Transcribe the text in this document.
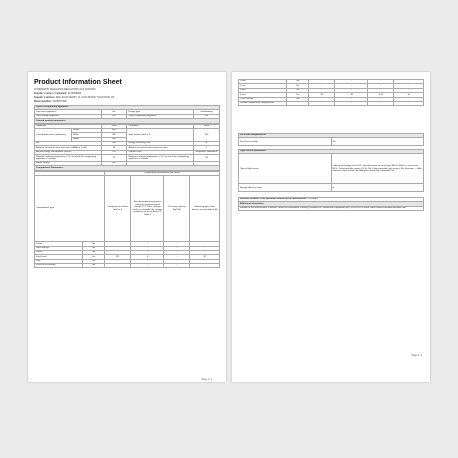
Product Information Sheet
COMMISSION DELEGATED REGULATION (EU) 2019/2016
Supplier's name or trademark: SCHNEIDER
Supplier's address: RUE JULES FERRY 13, 91110 ROISSY SOUS BOIS, FR
Model identifier: SCDD315WR
Type of refrigerating appliance:			
Low-noise appliance:	No	Design type:	freestanding
Wine storage appliance:	No	Other refrigerating appliance:	No
General product parameters:			
Parameter		Value	Parameter	Value
Overall dimensions (millimetre)	Height	1862	Total volume (dm³ or l)	304
	Width	595		
	Depth	653		
EEI		140	Energy efficiency class	E
Airborne acoustical noise emissions (dB(A) re 1 pW)		38	Airborne acoustical noise emission class	C
Annual energy consumption (kWh/a)		231	Climate class:	temperate, subtropical
Minimum ambient temperature (°C), for which the refrigerating appliance is suitable		13	Maximum ambient temperature (°C), for which the refrigerating appliance is suitable	38
Winter setting		No		
Compartment Parameters:				
		Compartment parameters and values			
Compartment type		Compartment volume (dm³ or l)	Recommended temperature setting for optimised food storage (°C) These settings shall not contradict the storage conditions set out in Annex IV, Table 3	Freezing capacity (kg/24h)	Defrosting type (auto-defrost, manual defrost M)
Pantry	No	-	-	-	-
Wine storage	No	-	-	-	-
Cellar	No	-	-	-	-
Fresh food	Yes	211	4	-	M
Chill	No	-	-	-	-
0-star or ice-making	No	-	-	-	-
Page 1 / 2
1-star	No	-	-	-	-
2-star	No	-	-	-	-
3-star	No	-	-	-	-
4-star	Yes	93	-18	4.15	M
2-star section	No	-	-	-	-
Variable temperature compartment	-	-	-	-	-
For 4-star compartments
Fast freeze facility	No
Light source parameters:	
Type of light source	Lighting technology used LED; Non-directional or directional: NDLS; Mains or non-mains: MLS; Connected light source (CLS): No; Colour-tuneable light source: No; Envelope: -; High luminance light source: No; Anti-glare shield: No; Dimmable: No
Energy efficiency class	G
Minimum duration of the guarantee offered by the manufacturer: 24 months
Additional information:
Weblink to the manufacturer's website, where the information in point(4) of Annex of Commission Regulation (EU) 2019/2019 is found: https://www.schneiderconsumer.com
Page 2 / 2
